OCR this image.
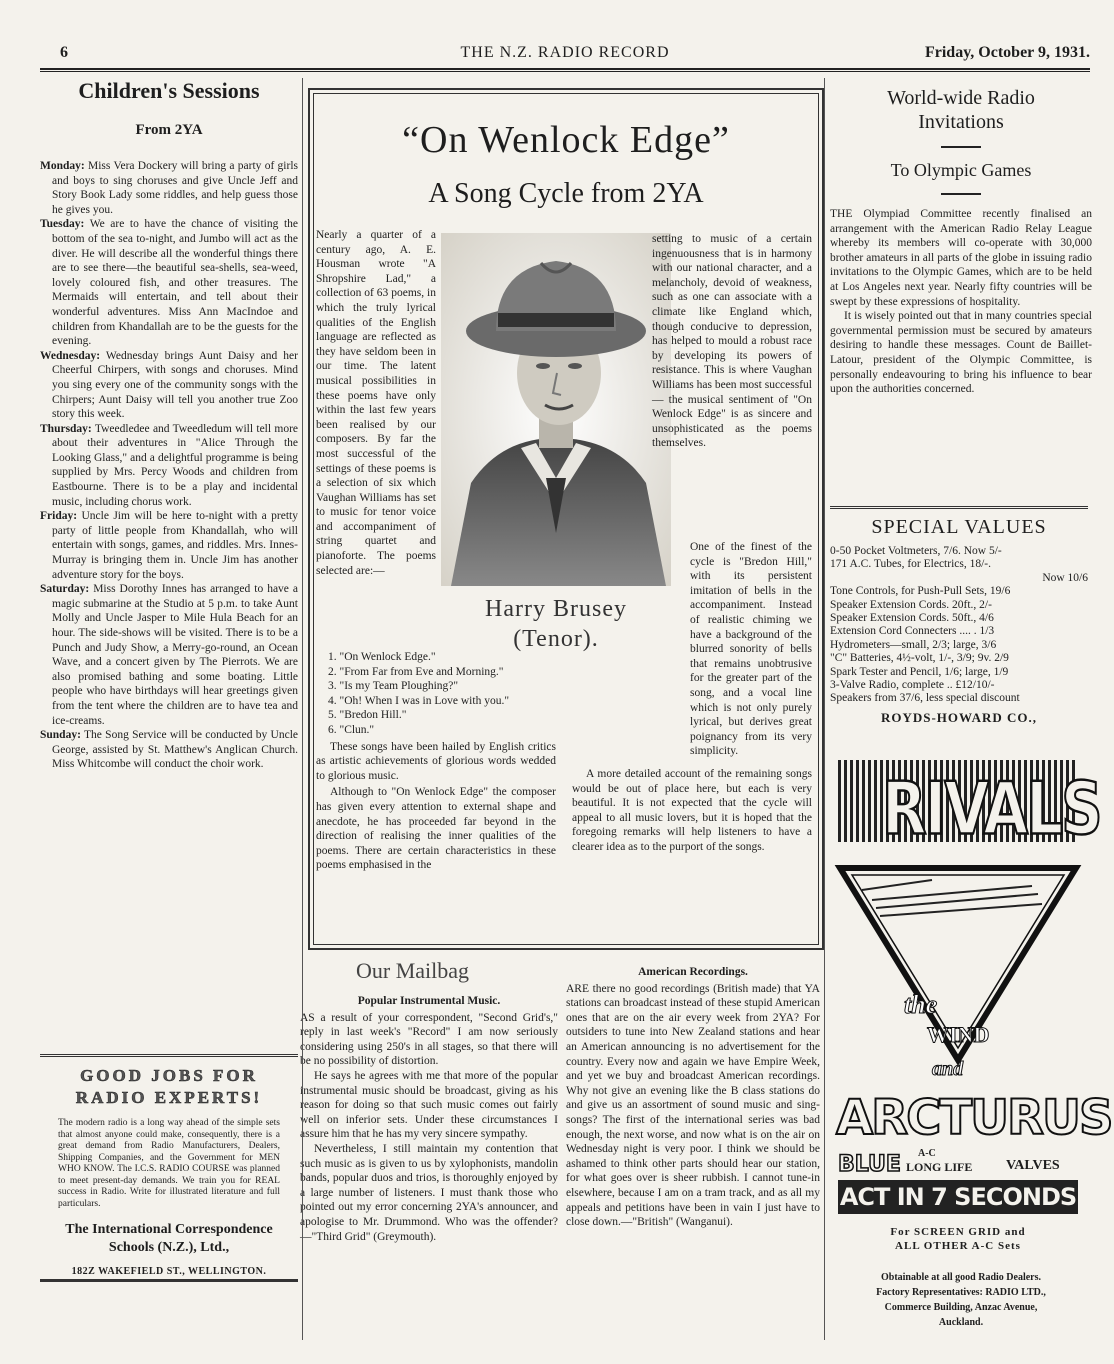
6	THE N.Z. RADIO RECORD	Friday, October 9, 1931.
Children's Sessions
From 2YA

Monday: Miss Vera Dockery will bring a party of girls and boys to sing choruses and give Uncle Jeff and Story Book Lady some riddles, and help guess those he gives you.

Tuesday: We are to have the chance of visiting the bottom of the sea to-night, and Jumbo will act as the diver. He will describe all the wonderful things there are to see there—the beautiful sea-shells, sea-weed, lovely coloured fish, and other treasures. The Mermaids will entertain, and tell about their wonderful adventures. Miss Ann MacIndoe and children from Khandallah are to be the guests for the evening.

Wednesday: Wednesday brings Aunt Daisy and her Cheerful Chirpers, with songs and choruses. Mind you sing every one of the community songs with the Chirpers; Aunt Daisy will tell you another true Zoo story this week.

Thursday: Tweedledee and Tweedledum will tell more about their adventures in "Alice Through the Looking Glass," and a delightful programme is being supplied by Mrs. Percy Woods and children from Eastbourne. There is to be a play and incidental music, including chorus work.

Friday: Uncle Jim will be here to-night with a pretty party of little people from Khandallah, who will entertain with songs, games, and riddles. Mrs. Innes-Murray is bringing them in. Uncle Jim has another adventure story for the boys.

Saturday: Miss Dorothy Innes has arranged to have a magic submarine at the Studio at 5 p.m. to take Aunt Molly and Uncle Jasper to Mile Hula Beach for an hour. The side-shows will be visited. There is to be a Punch and Judy Show, a Merry-go-round, an Ocean Wave, and a concert given by The Pierrots. We are also promised bathing and some boating. Little people who have birthdays will hear greetings given from the tent where the children are to have tea and ice-creams.

Sunday: The Song Service will be conducted by Uncle George, assisted by St. Matthew's Anglican Church. Miss Whitcombe will conduct the choir work.

GOOD JOBS FOR
RADIO EXPERTS!
The modern radio is a long way ahead of the simple sets that almost anyone could make, consequently, there is a great demand from Radio Manufacturers, Dealers, Shipping Companies, and the Government for MEN WHO KNOW. The I.C.S. RADIO COURSE was planned to meet present-day demands. We train you for REAL success in Radio. Write for illustrated literature and full particulars.
The International Correspondence
Schools (N.Z.), Ltd.,
182Z WAKEFIELD ST., WELLINGTON.
“On Wenlock Edge”
A Song Cycle from 2YA
Harry Brusey
(Tenor).

Nearly a quarter of a century ago, A. E. Housman wrote "A Shropshire Lad," a collection of 63 poems, in which the truly lyrical qualities of the English language are reflected as they have seldom been in our time. The latent musical possibilities in these poems have only within the last few years been realised by our composers. By far the most successful of the settings of these poems is a selection of six which Vaughan Williams has set to music for tenor voice and accompaniment of string quartet and pianoforte. The poems selected are:—

1. "On Wenlock Edge."

2. "From Far from Eve and Morning."

3. "Is my Team Ploughing?"

4. "Oh! When I was in Love with you."

5. "Bredon Hill."

6. "Clun."

These songs have been hailed by English critics as artistic achievements of glorious words wedded to glorious music.

Although to "On Wenlock Edge" the composer has given every attention to external shape and anecdote, he has proceeded far beyond in the direction of realising the inner qualities of the poems. There are certain characteristics in these poems emphasised in the

setting to music of a certain ingenuousness that is in harmony with our national character, and a melancholy, devoid of weakness, such as one can associate with a climate like England which, though conducive to depression, has helped to mould a robust race by developing its powers of resistance. This is where Vaughan Williams has been most successful— the musical sentiment of "On Wenlock Edge" is as sincere and unsophisticated as the poems themselves.

One of the finest of the cycle is "Bredon Hill," with its persistent imitation of bells in the accompaniment. Instead of realistic chiming we have a background of the blurred sonority of bells that remains unobtrusive for the greater part of the song, and a vocal line which is not only purely lyrical, but derives great poignancy from its very simplicity.

A more detailed account of the remaining songs would be out of place here, but each is very beautiful. It is not expected that the cycle will appeal to all music lovers, but it is hoped that the foregoing remarks will help listeners to have a clearer idea as to the purport of the songs.

Our Mailbag
Popular Instrumental Music.

AS a result of your correspondent, "Second Grid's," reply in last week's "Record" I am now seriously considering using 250's in all stages, so that there will be no possibility of distortion.

He says he agrees with me that more of the popular instrumental music should be broadcast, giving as his reason for doing so that such music comes out fairly well on inferior sets. Under these circumstances I assure him that he has my very sincere sympathy.

Nevertheless, I still maintain my contention that such music as is given to us by xylophonists, mandolin bands, popular duos and trios, is thoroughly enjoyed by a large number of listeners. I must thank those who pointed out my error concerning 2YA's announcer, and apologise to Mr. Drummond. Who was the offender?—"Third Grid" (Greymouth).

American Recordings.

ARE there no good recordings (British made) that YA stations can broadcast instead of these stupid American ones that are on the air every week from 2YA? For outsiders to tune into New Zealand stations and hear an American announcing is no advertisement for the country. Every now and again we have Empire Week, and yet we buy and broadcast American recordings. Why not give an evening like the B class stations do and give us an assortment of sound music and sing-songs? The first of the international series was bad enough, the next worse, and now what is on the air on Wednesday night is very poor. I think we should be ashamed to think other parts should hear our station, for what goes over is sheer rubbish. I cannot tune-in elsewhere, because I am on a tram track, and as all my appeals and petitions have been in vain I just have to close down.—"British" (Wanganui).

World-wide Radio
Invitations
To Olympic Games

THE Olympiad Committee recently finalised an arrangement with the American Radio Relay League whereby its members will co-operate with 30,000 brother amateurs in all parts of the globe in issuing radio invitations to the Olympic Games, which are to be held at Los Angeles next year. Nearly fifty countries will be swept by these expressions of hospitality.

It is wisely pointed out that in many countries special governmental permission must be secured by amateurs desiring to handle these messages. Count de Baillet-Latour, president of the Olympic Committee, is personally endeavouring to bring his influence to bear upon the authorities concerned.

SPECIAL VALUES
0-50 Pocket Voltmeters, 7/6. Now 5/-
171 A.C. Tubes, for Electrics, 18/-.
Now 10/6
Tone Controls, for Push-Pull Sets, 19/6
Speaker Extension Cords. 20ft., 2/-
Speaker Extension Cords. 50ft., 4/6
Extension Cord Connecters .... . 1/3
Hydrometers—small, 2/3; large, 3/6
"C" Batteries, 4½-volt, 1/-, 3/9; 9v. 2/9
Spark Tester and Pencil, 1/6; large, 1/9
3-Valve Radio, complete .. £12/10/-
Speakers from 37/6, less special discount
ROYDS-HOWARD CO.,
RIVALS
the
WIND
and
ARCTURUS
BLUE A-C
LONG LIFE VALVES
ACT IN 7 SECONDS
For SCREEN GRID and
ALL OTHER A-C Sets
Obtainable at all good Radio Dealers.
Factory Representatives: RADIO LTD.,
Commerce Building, Anzac Avenue,
Auckland.
